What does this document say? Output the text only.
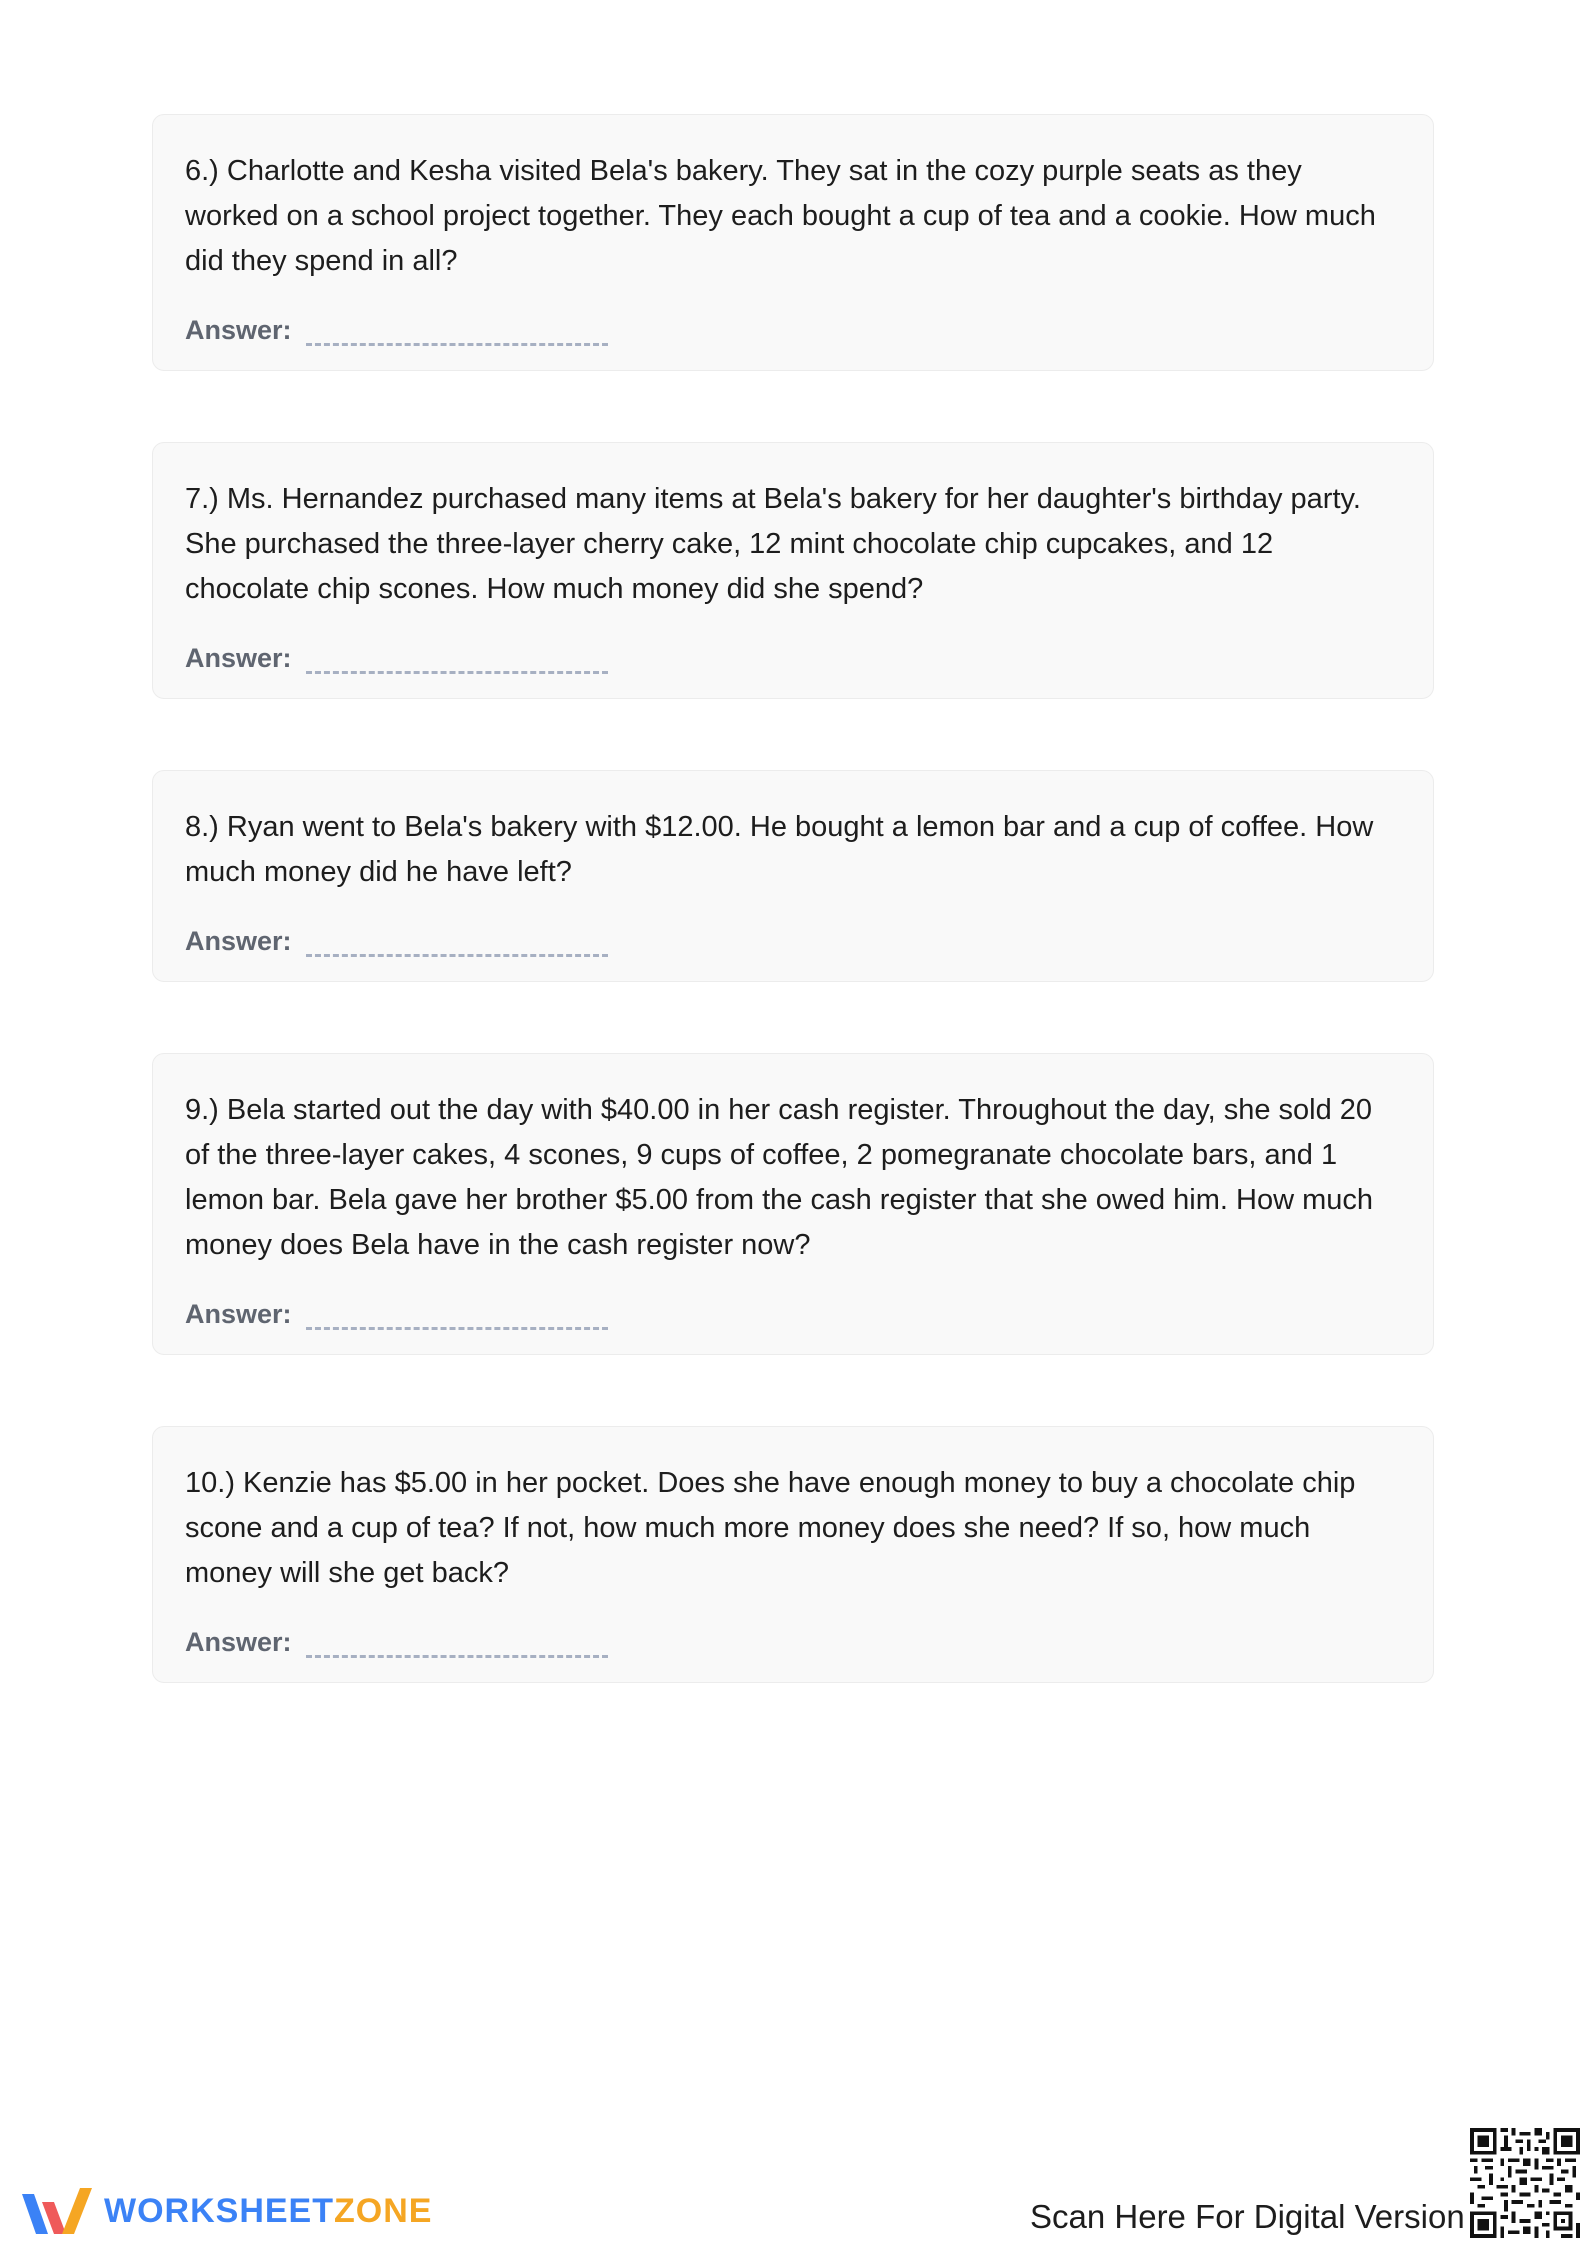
6.) Charlotte and Kesha visited Bela's bakery. They sat in the cozy purple seats as they worked on a school project together. They each bought a cup of tea and a cookie. How much did they spend in all?

Answer:

7.) Ms. Hernandez purchased many items at Bela's bakery for her daughter's birthday party. She purchased the three-layer cherry cake, 12 mint chocolate chip cupcakes, and 12 chocolate chip scones. How much money did she spend?

Answer:

8.) Ryan went to Bela's bakery with $12.00. He bought a lemon bar and a cup of coffee. How much money did he have left?

Answer:

9.) Bela started out the day with $40.00 in her cash register. Throughout the day, she sold 20 of the three-layer cakes, 4 scones, 9 cups of coffee, 2 pomegranate chocolate bars, and 1 lemon bar. Bela gave her brother $5.00 from the cash register that she owed him. How much money does Bela have in the cash register now?

Answer:

10.) Kenzie has $5.00 in her pocket. Does she have enough money to buy a chocolate chip scone and a cup of tea? If not, how much more money does she need? If so, how much money will she get back?

Answer:
WORKSHEETZONE	Scan Here For Digital Version
